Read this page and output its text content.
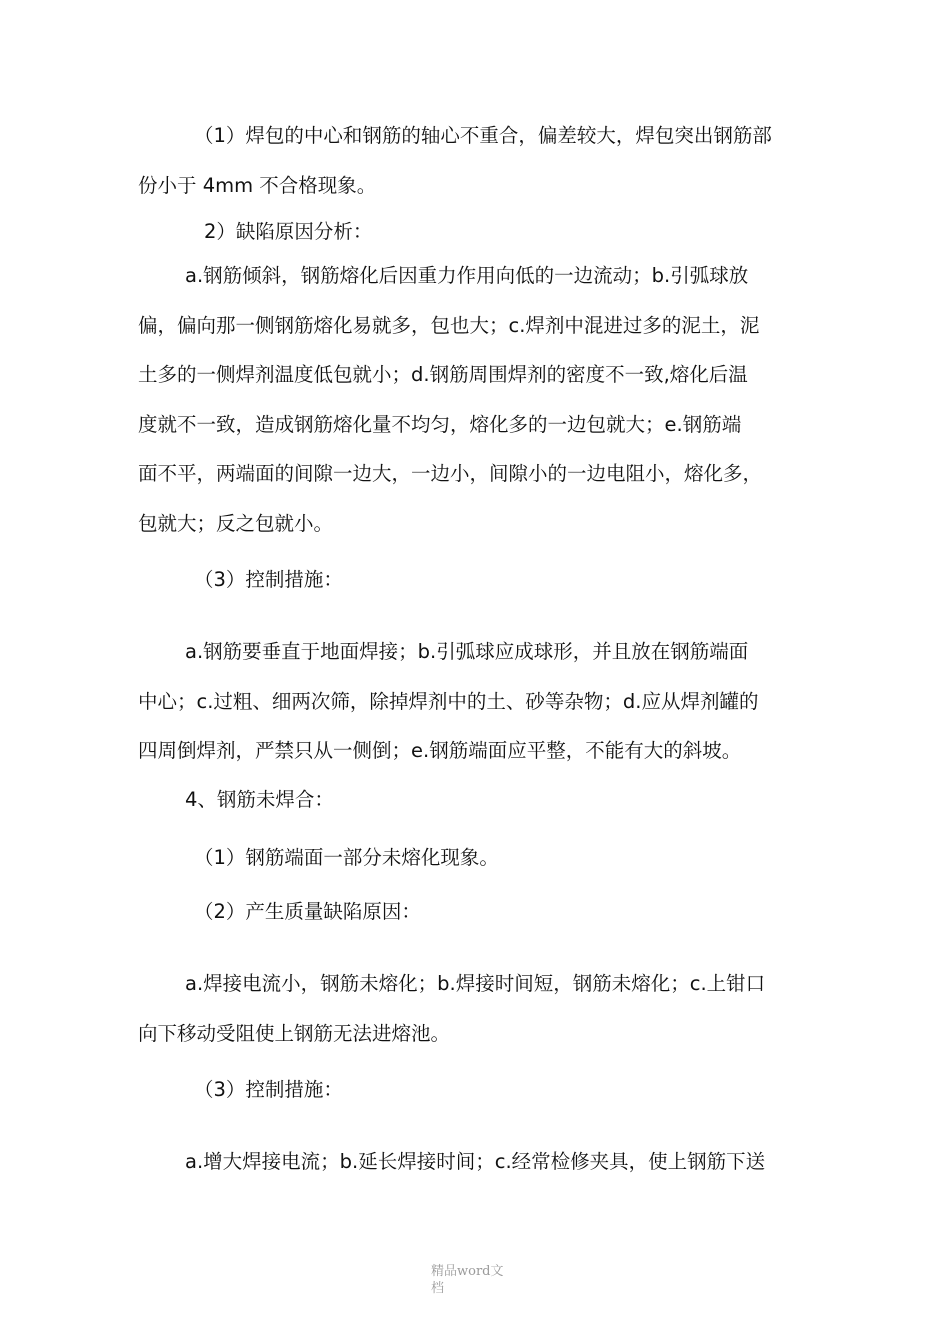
（1）焊包的中心和钢筋的轴心不重合，偏差较大，焊包突出钢筋部
份小于 4mm 不合格现象。
2）缺陷原因分析：
a.钢筋倾斜，钢筋熔化后因重力作用向低的一边流动；b.引弧球放
偏，偏向那一侧钢筋熔化易就多，包也大；c.焊剂中混进过多的泥土，泥
土多的一侧焊剂温度低包就小；d.钢筋周围焊剂的密度不一致,熔化后温
度就不一致，造成钢筋熔化量不均匀，熔化多的一边包就大；e.钢筋端
面不平，两端面的间隙一边大，一边小，间隙小的一边电阻小，熔化多，
包就大；反之包就小。
（3）控制措施：
a.钢筋要垂直于地面焊接；b.引弧球应成球形，并且放在钢筋端面
中心；c.过粗、细两次筛，除掉焊剂中的土、砂等杂物；d.应从焊剂罐的
四周倒焊剂，严禁只从一侧倒；e.钢筋端面应平整，不能有大的斜坡。
4、钢筋未焊合：
（1）钢筋端面一部分未熔化现象。
（2）产生质量缺陷原因：
a.焊接电流小，钢筋未熔化；b.焊接时间短，钢筋未熔化；c.上钳口
向下移动受阻使上钢筋无法进熔池。
（3）控制措施：
a.增大焊接电流；b.延长焊接时间；c.经常检修夹具，使上钢筋下送
精品word文
档
